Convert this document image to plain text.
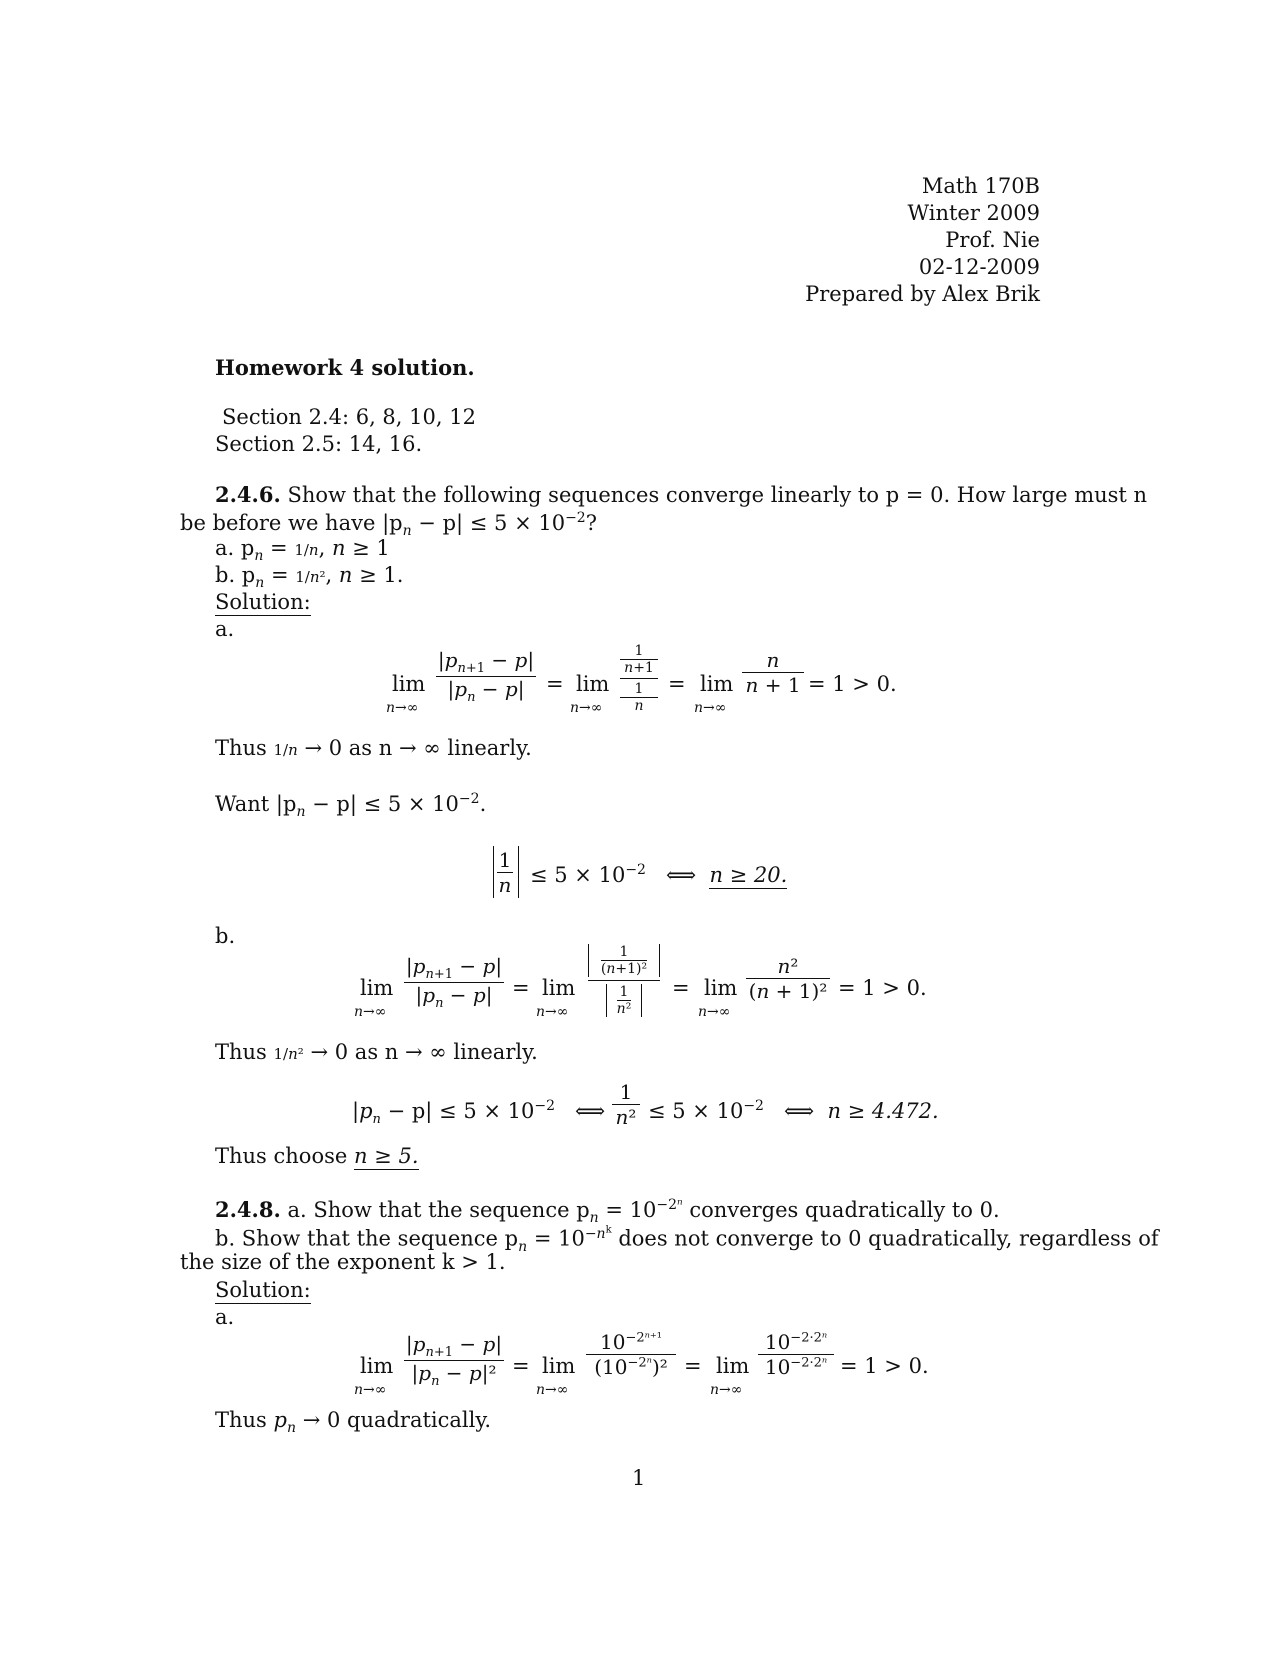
Math 170B
Winter 2009
Prof. Nie
02-12-2009
Prepared by Alex Brik
Homework 4 solution.
Section 2.4: 6, 8, 10, 12
Section 2.5: 14, 16.
2.4.6. Show that the following sequences converge linearly to p = 0. How large must n
be before we have $|p_n - p| \le 5 \times 10^{-2}$?
a. $p_n = 1/n$, n ≥ 1
b. $p_n = 1/n^2$, n ≥ 1.
Solution:
a.
lim
n→∞
$|p_{n+1} - p|$
$|p_n - p|$	= lim
n→∞
1
n+1
1
n
= lim
n→∞
n
n + 1 = 1 > 0.
Thus 1/n → 0 as n → ∞ linearly.
Want $|p_n - p| \le 5 \times 10^{-2}$.
1
$n \le 5 \times 10^{-2}$   ⟺  n ≥ 20.
b.
lim
n→∞
$|p_{n+1} - p|$
$|p_n - p| = \lim$
n→∞
1
(n+1)²
1
n²
= lim
n→∞
n²
(n + 1)² = 1 > 0.
Thus 1/n² → 0 as n → ∞ linearly.
$|p_n - p| \le 5 \times 10^{-2}$   ⟺
1
$n^2 \le 5 \times 10^{-2}$   ⟺  n ≥ 4.472.
Thus choose n ≥ 5.
2.4.8. a. Show that the sequence $p_n = 10^{-2^n}$ converges quadratically to 0.
b. Show that the sequence $p_n = 10^{-n^k}$ does not converge to 0 quadratically, regardless of
the size of the exponent k > 1.
Solution:
a.
lim
n→∞
$|p_{n+1} - p|$
$|p_n - p|^2 = \lim$
n→∞
$10^{-2^{n+1}}$
$(10^{-2^n})^2 = \lim$
n→∞
$10^{-2\cdot 2^n}$
$10^{-2\cdot 2^n} = 1 > 0$.
Thus $p_n \to 0$ quadratically.
1
